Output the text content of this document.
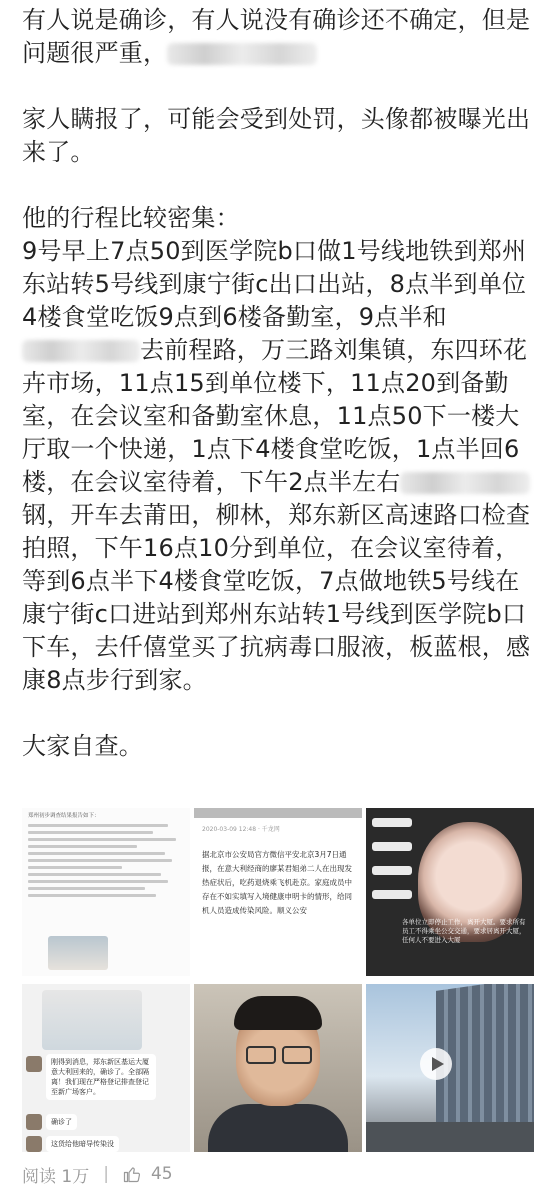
有人说是确诊，有人说没有确诊还不确定，但是问题很严重，

家人瞒报了，可能会受到处罚，头像都被曝光出来了。

他的行程比较密集：

9号早上7点50到医学院b口做1号线地铁到郑州东站转5号线到康宁街c出口出站，8点半到单位4楼食堂吃饭9点到6楼备勤室，9点半和去前程路，万三路刘集镇，东四环花卉市场，11点15到单位楼下，11点20到备勤室，在会议室和备勤室休息，11点50下一楼大厅取一个快递，1点下4楼食堂吃饭，1点半回6楼，在会议室待着，下午2点半左右钢，开车去莆田，柳林，郑东新区高速路口检查拍照，下午16点10分到单位，在会议室待着，等到6点半下4楼食堂吃饭，7点做地铁5号线在康宁街c口进站到郑州东站转1号线到医学院b口下车，去仟僖堂买了抗病毒口服液，板蓝根，感康8点步行到家。

大家自查。

郑州初步调查结果报告如下：
2020-03-09 12:48 · 千龙网
据北京市公安局官方微信平安北京3月7日通报，在意大利经商的廖某君姐弟二人在出现发热症状后，吃药退烧乘飞机赴京。家庭成员中存在不如实填写入境健康申明卡的情形，给同机人员造成传染风险。顺义公安
各单位立即停止工作，离开大厦。要求所有员工不得乘坐公交交通，要求居离开大厦，任何人不要进入大厦
刚得到消息，郑东新区基运大厦意大利回来的，确诊了。全部隔离！我们现在严格登记排查登记至新广场客户。
确诊了
这货给他暗导传染没
阅读 1万 | 45
